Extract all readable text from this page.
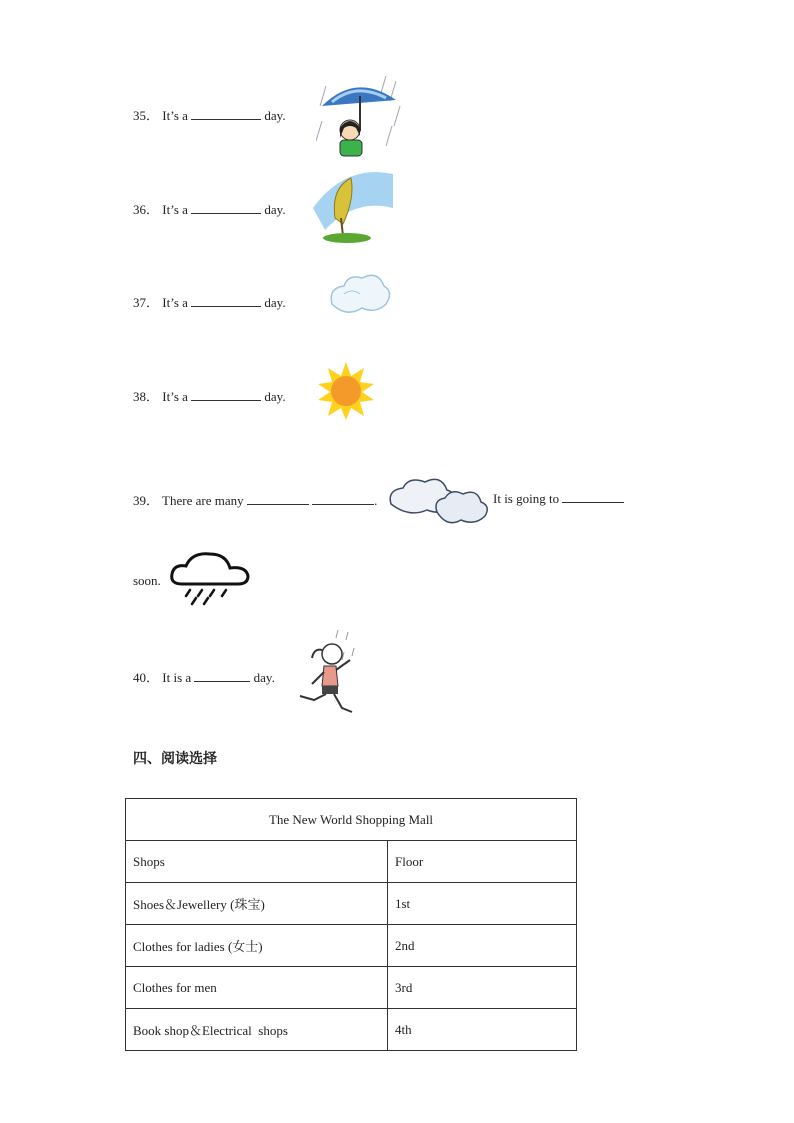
35． It’s a	day.
36． It’s a	day.
37． It’s a	day.
38． It’s a	day.
39． There are many	.	It is going to
soon.
40． It is a	day.
四、阅读选择
The New World Shopping Mall	
Shops	Floor
Shoes＆Jewellery (珠宝)	1st
Clothes for ladies (女士)	2nd
Clothes for men	3rd
Book shop＆Electrical  shops	4th
